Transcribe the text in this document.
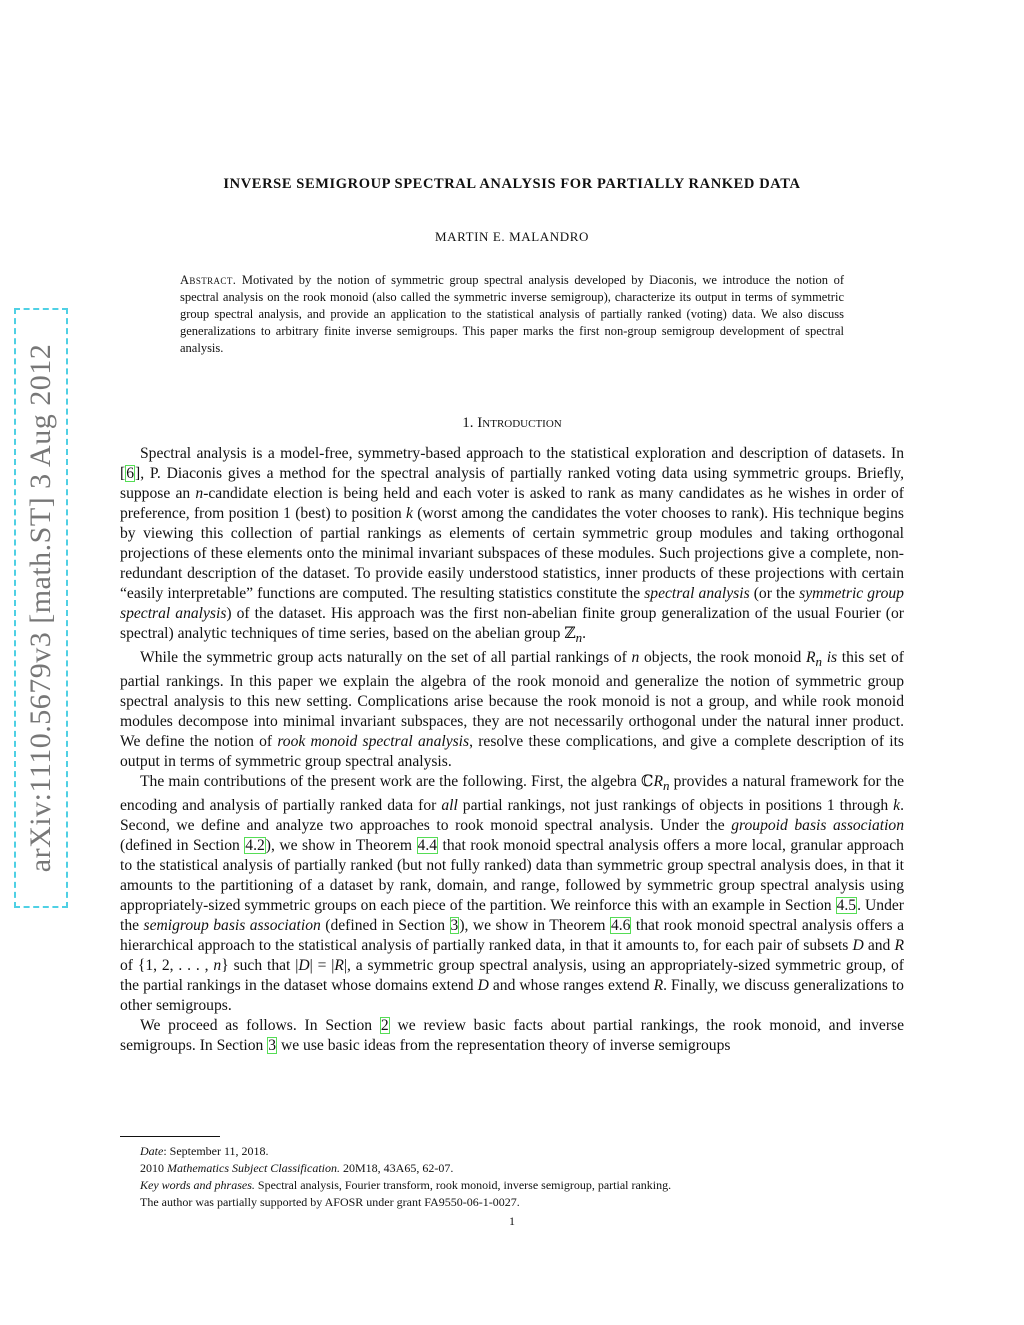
arXiv:1110.5679v3 [math.ST] 3 Aug 2012
INVERSE SEMIGROUP SPECTRAL ANALYSIS FOR PARTIALLY RANKED DATA
MARTIN E. MALANDRO
Abstract. Motivated by the notion of symmetric group spectral analysis developed by Diaconis, we introduce the notion of spectral analysis on the rook monoid (also called the symmetric inverse semigroup), characterize its output in terms of symmetric group spectral analysis, and provide an application to the statistical analysis of partially ranked (voting) data. We also discuss generalizations to arbitrary finite inverse semigroups. This paper marks the first non-group semigroup development of spectral analysis.
1. Introduction

Spectral analysis is a model-free, symmetry-based approach to the statistical exploration and description of datasets. In [6], P. Diaconis gives a method for the spectral analysis of partially ranked voting data using symmetric groups. Briefly, suppose an n-candidate election is being held and each voter is asked to rank as many candidates as he wishes in order of preference, from position 1 (best) to position k (worst among the candidates the voter chooses to rank). His technique begins by viewing this collection of partial rankings as elements of certain symmetric group modules and taking orthogonal projections of these elements onto the minimal invariant subspaces of these modules. Such projections give a complete, non-redundant description of the dataset. To provide easily understood statistics, inner products of these projections with certain “easily interpretable” functions are computed. The resulting statistics constitute the spectral analysis (or the symmetric group spectral analysis) of the dataset. His approach was the first non-abelian finite group generalization of the usual Fourier (or spectral) analytic techniques of time series, based on the abelian group ℤ$_n$.

While the symmetric group acts naturally on the set of all partial rankings of n objects, the rook monoid $R_n$ is this set of partial rankings. In this paper we explain the algebra of the rook monoid and generalize the notion of symmetric group spectral analysis to this new setting. Complications arise because the rook monoid is not a group, and while rook monoid modules decompose into minimal invariant subspaces, they are not necessarily orthogonal under the natural inner product. We define the notion of rook monoid spectral analysis, resolve these complications, and give a complete description of its output in terms of symmetric group spectral analysis.

The main contributions of the present work are the following. First, the algebra ℂR$_n$ provides a natural framework for the encoding and analysis of partially ranked data for all partial rankings, not just rankings of objects in positions 1 through k. Second, we define and analyze two approaches to rook monoid spectral analysis. Under the groupoid basis association (defined in Section 4.2), we show in Theorem 4.4 that rook monoid spectral analysis offers a more local, granular approach to the statistical analysis of partially ranked (but not fully ranked) data than symmetric group spectral analysis does, in that it amounts to the partitioning of a dataset by rank, domain, and range, followed by symmetric group spectral analysis using appropriately-sized symmetric groups on each piece of the partition. We reinforce this with an example in Section 4.5. Under the semigroup basis association (defined in Section 3), we show in Theorem 4.6 that rook monoid spectral analysis offers a hierarchical approach to the statistical analysis of partially ranked data, in that it amounts to, for each pair of subsets D and R of {1, 2, . . . , n} such that |D| = |R|, a symmetric group spectral analysis, using an appropriately-sized symmetric group, of the partial rankings in the dataset whose domains extend D and whose ranges extend R. Finally, we discuss generalizations to other semigroups.

We proceed as follows. In Section 2 we review basic facts about partial rankings, the rook monoid, and inverse semigroups. In Section 3 we use basic ideas from the representation theory of inverse semigroups

Date: September 11, 2018.
2010 Mathematics Subject Classification. 20M18, 43A65, 62-07.
Key words and phrases. Spectral analysis, Fourier transform, rook monoid, inverse semigroup, partial ranking.
The author was partially supported by AFOSR under grant FA9550-06-1-0027.
1
